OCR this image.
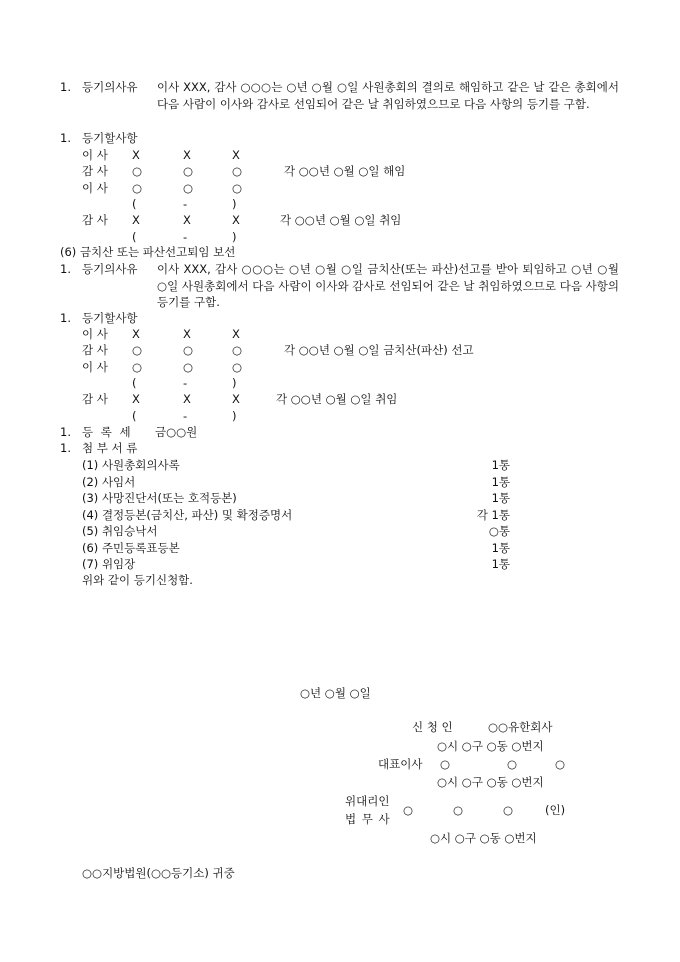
1. 등기의사유 이사 XXX, 감사 ○○○는 ○년 ○월 ○일 사원총회의 결의로 해임하고 같은 날 같은 총회에서 다음 사람이 이사와 감사로 선임되어 같은 날 취임하였으므로 다음 사항의 등기를 구함.
1. 등기할사항
이 사 X	X	X
감 사 ○	○	○	각 ○○년 ○월 ○일 해임
이 사 ○	○	○
(	-	)
감 사 X	X	X	각 ○○년 ○월 ○일 취임
(	-	)
(6) 금치산 또는 파산선고퇴임 보선
1. 등기의사유 이사 XXX, 감사 ○○○는 ○년 ○월 ○일 금치산(또는 파산)선고를 받아 퇴임하고 ○년 ○월 ○일 사원총회에서 다음 사람이 이사와 감사로 선임되어 같은 날 취임하였으므로 다음 사항의 등기를 구함.
1. 등기할사항
이 사 X	X	X
감 사 ○	○	○	각 ○○년 ○월 ○일 금치산(파산) 선고
이 사 ○	○	○
(	-	)
감 사 X	X	X	각 ○○년 ○월 ○일 취임
(	-	)
1. 등 록 세 금○○원
1. 첨 부 서 류
(1) 사원총회의사록	1통
(2) 사임서	1통
(3) 사망진단서(또는 호적등본)	1통
(4) 결정등본(금치산, 파산) 및 확정증명서	각 1통
(5) 취임승낙서	○통
(6) 주민등록표등본	1통
(7) 위임장	1통
위와 같이 등기신청함.
○년 ○월 ○일
신 청 인	○○유한회사
○시 ○구 ○동 ○번지
대표이사 ○	○	○
○시 ○구 ○동 ○번지
위대리인
법 무 사
○	○	○	(인)
○시 ○구 ○동 ○번지
○○지방법원(○○등기소) 귀중
